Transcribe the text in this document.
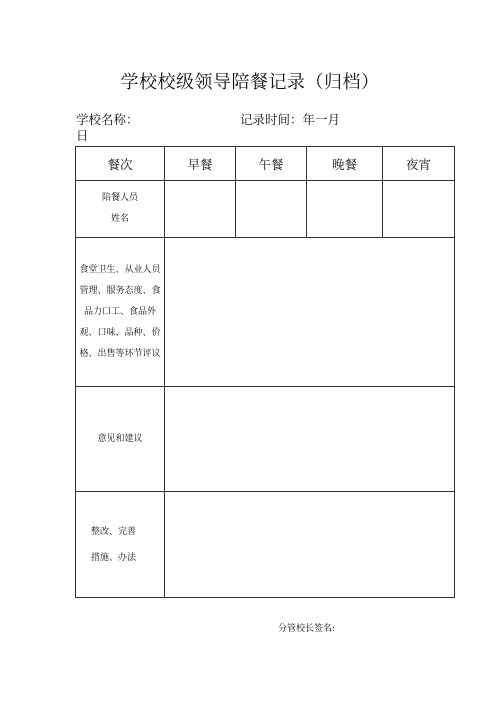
学校校级领导陪餐记录（归档）
学校名称：	记录时间：年一月
日
餐次	早餐	午餐	晚餐	夜宵

陪餐人员
姓名				

食堂卫生、从业人员管理、服务态度、食品力口工、食品外观、口味、品种、价格、出售等环节评议				
意见和建议				

整改、完善
措施、办法				

分管校长签名:
